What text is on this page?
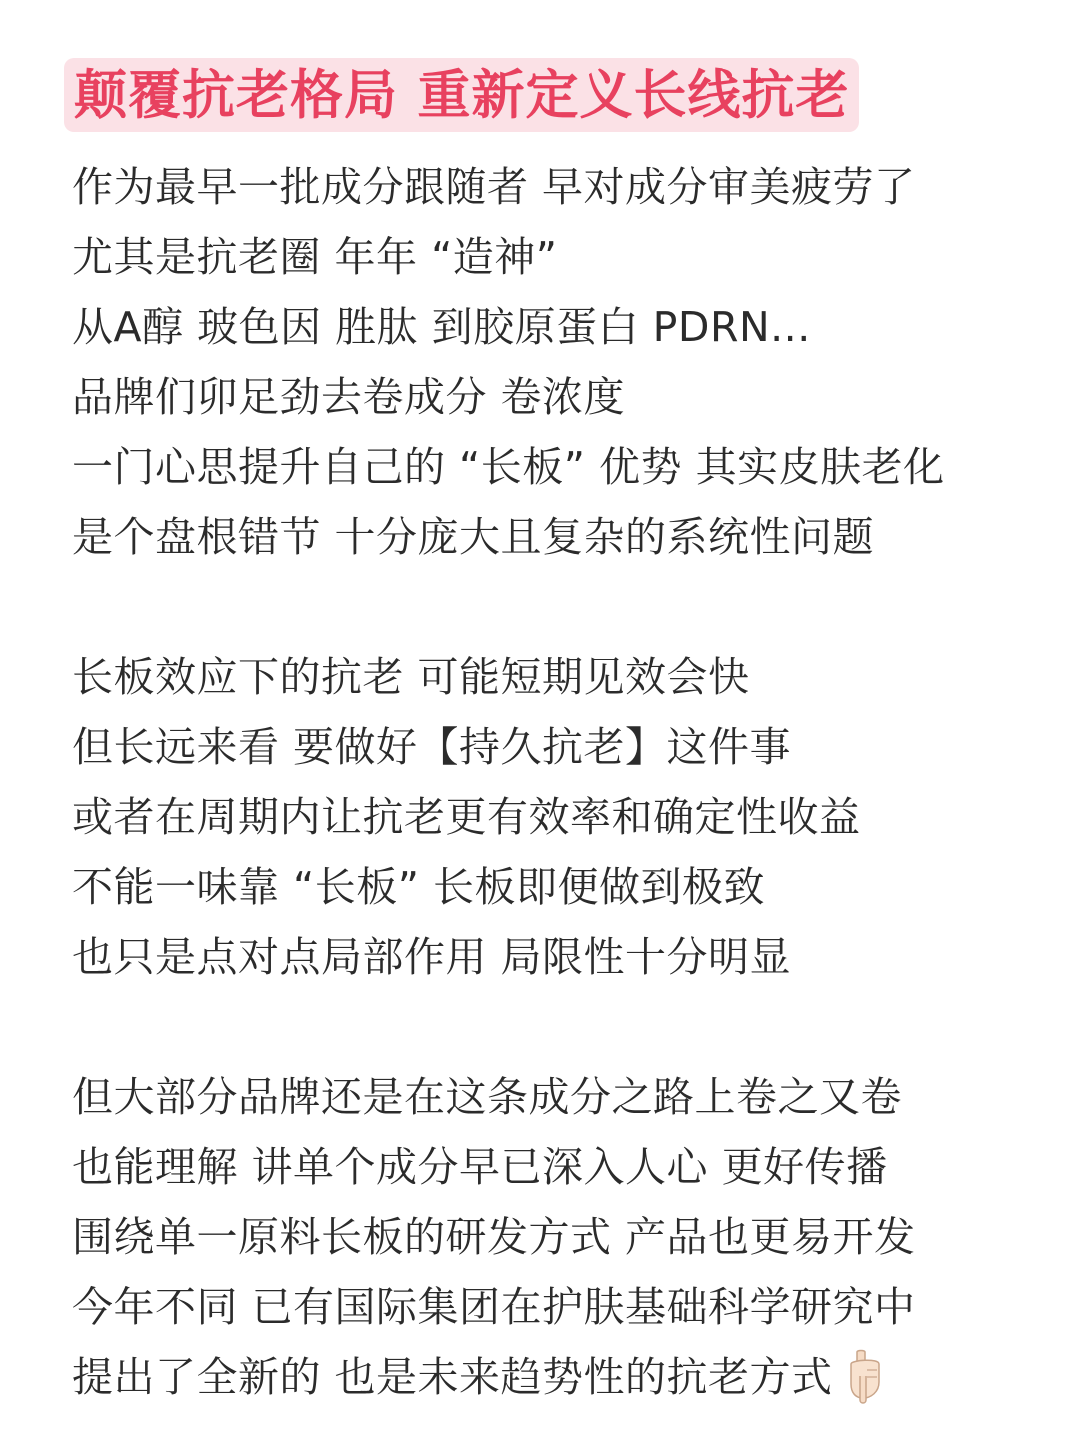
颠覆抗老格局 重新定义长线抗老
作为最早一批成分跟随者 早对成分审美疲劳了
尤其是抗老圈 年年 “造神”
从A醇 玻色因 胜肽 到胶原蛋白 PDRN...
品牌们卯足劲去卷成分 卷浓度
一门心思提升自己的 “长板” 优势 其实皮肤老化
是个盘根错节 十分庞大且复杂的系统性问题
长板效应下的抗老 可能短期见效会快
但长远来看 要做好【持久抗老】这件事
或者在周期内让抗老更有效率和确定性收益
不能一味靠 “长板” 长板即便做到极致
也只是点对点局部作用 局限性十分明显
但大部分品牌还是在这条成分之路上卷之又卷
也能理解 讲单个成分早已深入人心 更好传播
围绕单一原料长板的研发方式 产品也更易开发
今年不同 已有国际集团在护肤基础科学研究中
提出了全新的 也是未来趋势性的抗老方式
